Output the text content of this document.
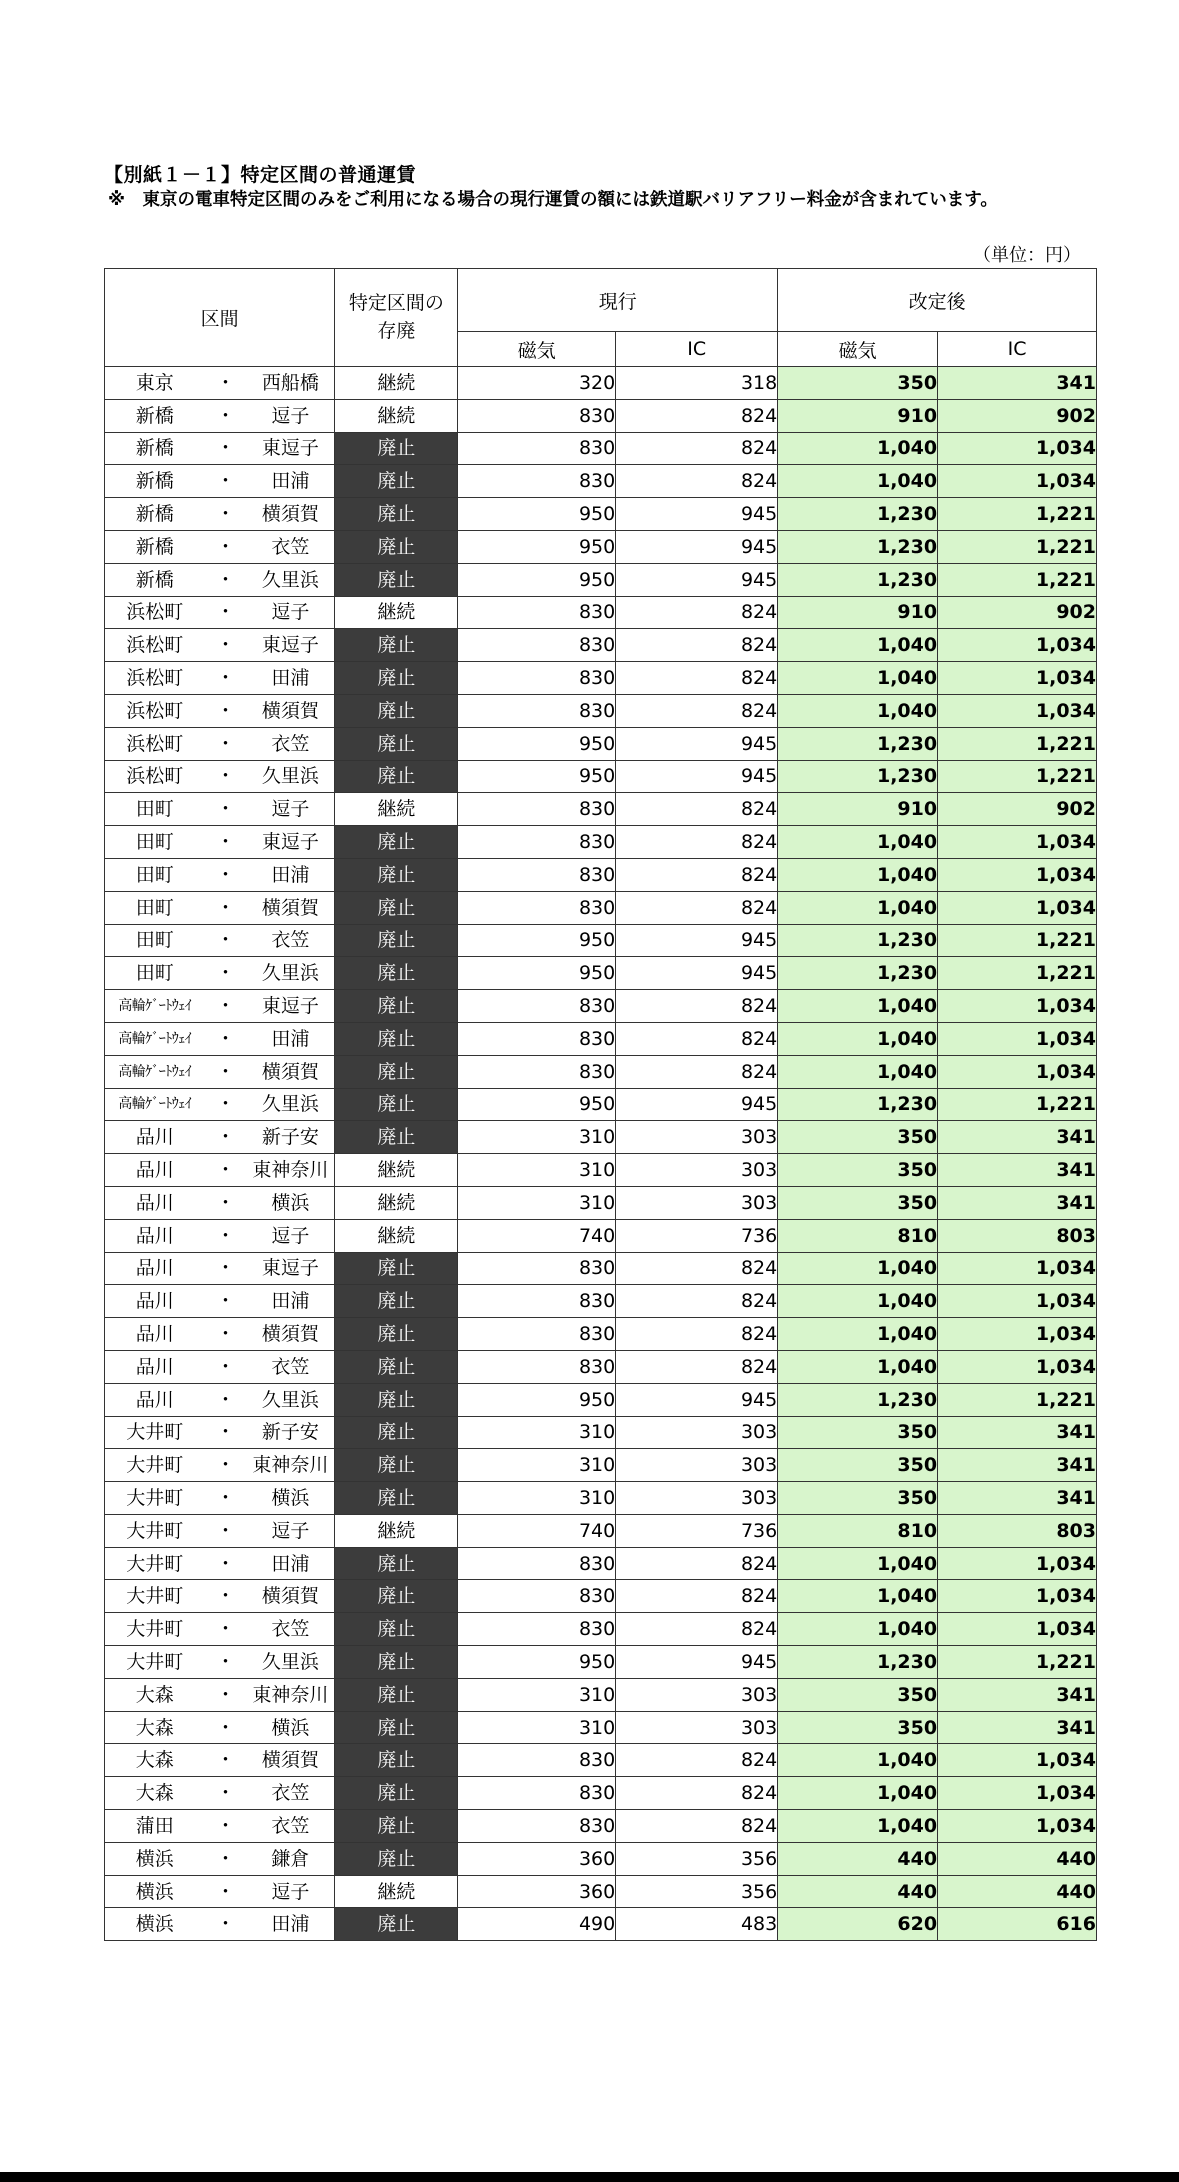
【別紙１－１】特定区間の普通運賃
※　東京の電車特定区間のみをご利用になる場合の現行運賃の額には鉄道駅バリアフリー料金が含まれています。
（単位：円）
区間			特定区間の
存廃	現行		改定後	
				磁気	IC	磁気	IC
東京	・	西船橋	継続	320	318	350	341
新橋	・	逗子	継続	830	824	910	902
新橋	・	東逗子	廃止	830	824	1,040	1,034
新橋	・	田浦	廃止	830	824	1,040	1,034
新橋	・	横須賀	廃止	950	945	1,230	1,221
新橋	・	衣笠	廃止	950	945	1,230	1,221
新橋	・	久里浜	廃止	950	945	1,230	1,221
浜松町	・	逗子	継続	830	824	910	902
浜松町	・	東逗子	廃止	830	824	1,040	1,034
浜松町	・	田浦	廃止	830	824	1,040	1,034
浜松町	・	横須賀	廃止	830	824	1,040	1,034
浜松町	・	衣笠	廃止	950	945	1,230	1,221
浜松町	・	久里浜	廃止	950	945	1,230	1,221
田町	・	逗子	継続	830	824	910	902
田町	・	東逗子	廃止	830	824	1,040	1,034
田町	・	田浦	廃止	830	824	1,040	1,034
田町	・	横須賀	廃止	830	824	1,040	1,034
田町	・	衣笠	廃止	950	945	1,230	1,221
田町	・	久里浜	廃止	950	945	1,230	1,221
高輪ｹﾞｰﾄｳｪｲ	・	東逗子	廃止	830	824	1,040	1,034
高輪ｹﾞｰﾄｳｪｲ	・	田浦	廃止	830	824	1,040	1,034
高輪ｹﾞｰﾄｳｪｲ	・	横須賀	廃止	830	824	1,040	1,034
高輪ｹﾞｰﾄｳｪｲ	・	久里浜	廃止	950	945	1,230	1,221
品川	・	新子安	廃止	310	303	350	341
品川	・	東神奈川	継続	310	303	350	341
品川	・	横浜	継続	310	303	350	341
品川	・	逗子	継続	740	736	810	803
品川	・	東逗子	廃止	830	824	1,040	1,034
品川	・	田浦	廃止	830	824	1,040	1,034
品川	・	横須賀	廃止	830	824	1,040	1,034
品川	・	衣笠	廃止	830	824	1,040	1,034
品川	・	久里浜	廃止	950	945	1,230	1,221
大井町	・	新子安	廃止	310	303	350	341
大井町	・	東神奈川	廃止	310	303	350	341
大井町	・	横浜	廃止	310	303	350	341
大井町	・	逗子	継続	740	736	810	803
大井町	・	田浦	廃止	830	824	1,040	1,034
大井町	・	横須賀	廃止	830	824	1,040	1,034
大井町	・	衣笠	廃止	830	824	1,040	1,034
大井町	・	久里浜	廃止	950	945	1,230	1,221
大森	・	東神奈川	廃止	310	303	350	341
大森	・	横浜	廃止	310	303	350	341
大森	・	横須賀	廃止	830	824	1,040	1,034
大森	・	衣笠	廃止	830	824	1,040	1,034
蒲田	・	衣笠	廃止	830	824	1,040	1,034
横浜	・	鎌倉	廃止	360	356	440	440
横浜	・	逗子	継続	360	356	440	440
横浜	・	田浦	廃止	490	483	620	616
